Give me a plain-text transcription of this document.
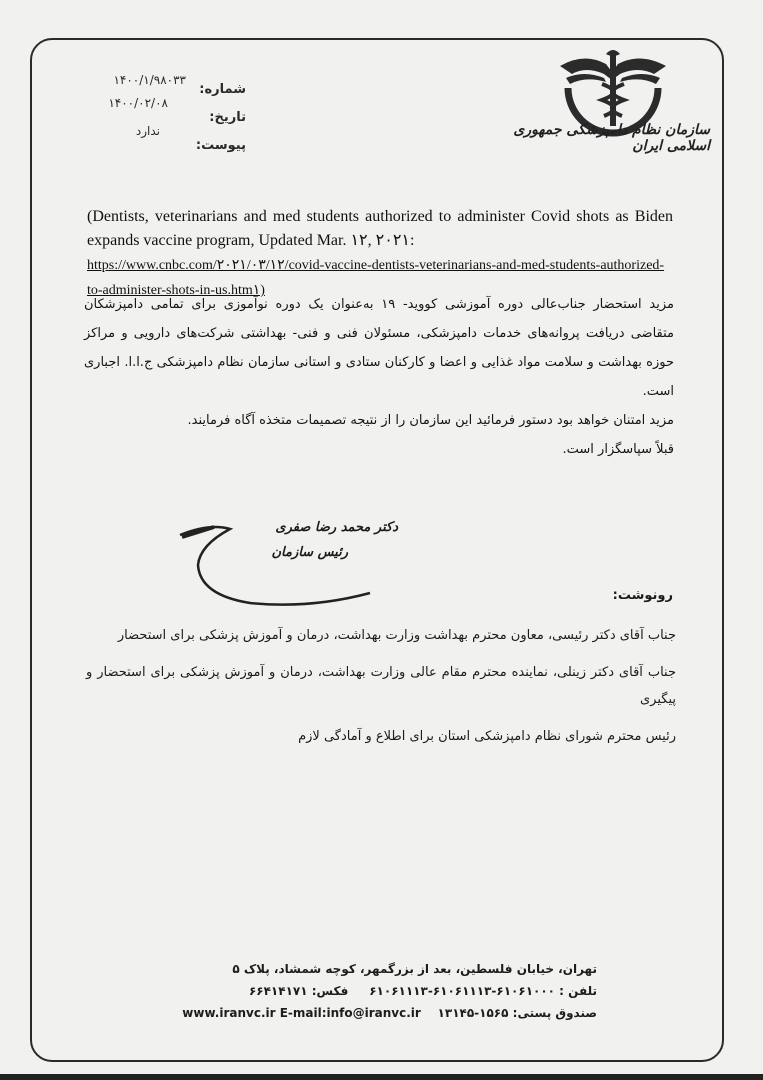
سازمان نظام دامپزشکی جمهوری اسلامی ایران
شماره:
۱۴۰۰/۱/۹۸۰۳۳
تاریخ:
۱۴۰۰/۰۲/۰۸
پیوست:
ندارد
(Dentists, veterinarians and med students authorized to administer Covid shots as Biden expands vaccine program, Updated Mar. ۱۲, ۲۰۲۱:
https://www.cnbc.com/۲۰۲۱/۰۳/۱۲/covid-vaccine-dentists-veterinarians-and-med-students-authorized-to-administer-shots-in-us.htm۱)

مزید استحضار جناب‌عالی دوره آموزشی کووید- ۱۹ به‌عنوان یک دوره نوآموزی برای تمامی دامپزشکان متقاضی دریافت پروانه‌های خدمات دامپزشکی، مسئولان فنی و فنی- بهداشتی شرکت‌های دارویی و مراکز حوزه بهداشت و سلامت مواد غذایی و اعضا و کارکنان ستادی و استانی سازمان نظام دامپزشکی ج.ا.ا. اجباری است.

مزید امتنان خواهد بود دستور فرمائید این سازمان را از نتیجه تصمیمات متخذه آگاه فرمایند.

قبلاً سپاسگزار است.

دکتر محمد رضا صفری
رئیس سازمان
رونوشت:

جناب آقای دکتر رئیسی، معاون محترم بهداشت وزارت بهداشت، درمان و آموزش پزشکی برای استحضار

جناب آقای دکتر زینلی، نماینده محترم مقام عالی وزارت بهداشت، درمان و آموزش پزشکی برای استحضار و پیگیری

رئیس محترم شورای نظام دامپزشکی استان برای اطلاع و آمادگی لازم

تهران، خیابان فلسطین، بعد از بزرگمهر، کوچه شمشاد، پلاک ۵
تلفن : ۶۱۰۶۱۰۰۰-۶۱۰۶۱۱۱۳-۶۱۰۶۱۱۱۳     فکس: ۶۶۴۱۴۱۷۱
صندوق پستی: ۱۵۶۵-۱۳۱۴۵    www.iranvc.ir E-mail:info@iranvc.ir
